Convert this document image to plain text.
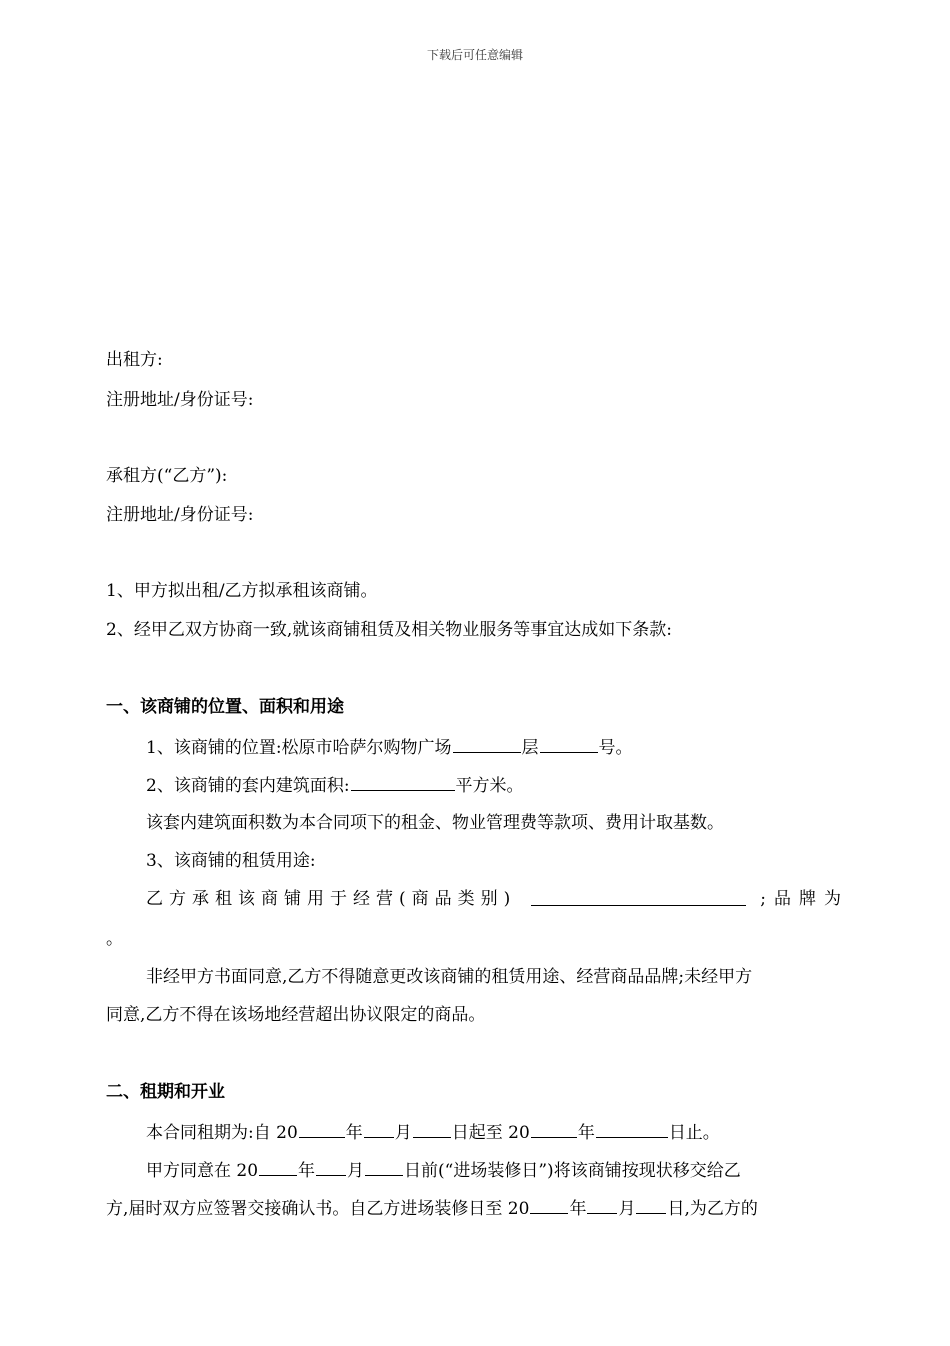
下载后可任意编辑
出租方:
注册地址/身份证号:
承租方(“乙方”):
注册地址/身份证号:
1、甲方拟出租/乙方拟承租该商铺。
2、经甲乙双方协商一致,就该商铺租赁及相关物业服务等事宜达成如下条款:
一、该商铺的位置、面积和用途
1、该商铺的位置:松原市哈萨尔购物广场	层	号。
2、该商铺的套内建筑面积:	平方米。
该套内建筑面积数为本合同项下的租金、物业管理费等款项、费用计取基数。
3、该商铺的租赁用途:
乙方承租该商铺用于经营(商品类别)	;品牌为
。
非经甲方书面同意,乙方不得随意更改该商铺的租赁用途、经营商品品牌;未经甲方
同意,乙方不得在该场地经营超出协议限定的商品。
二、租期和开业
本合同租期为:自 20	年 月 日起至 20	年	日止。
甲方同意在 20 年 月 日前(“进场装修日”)将该商铺按现状移交给乙
方,届时双方应签署交接确认书。自乙方进场装修日至 20 年 月 日,为乙方的
